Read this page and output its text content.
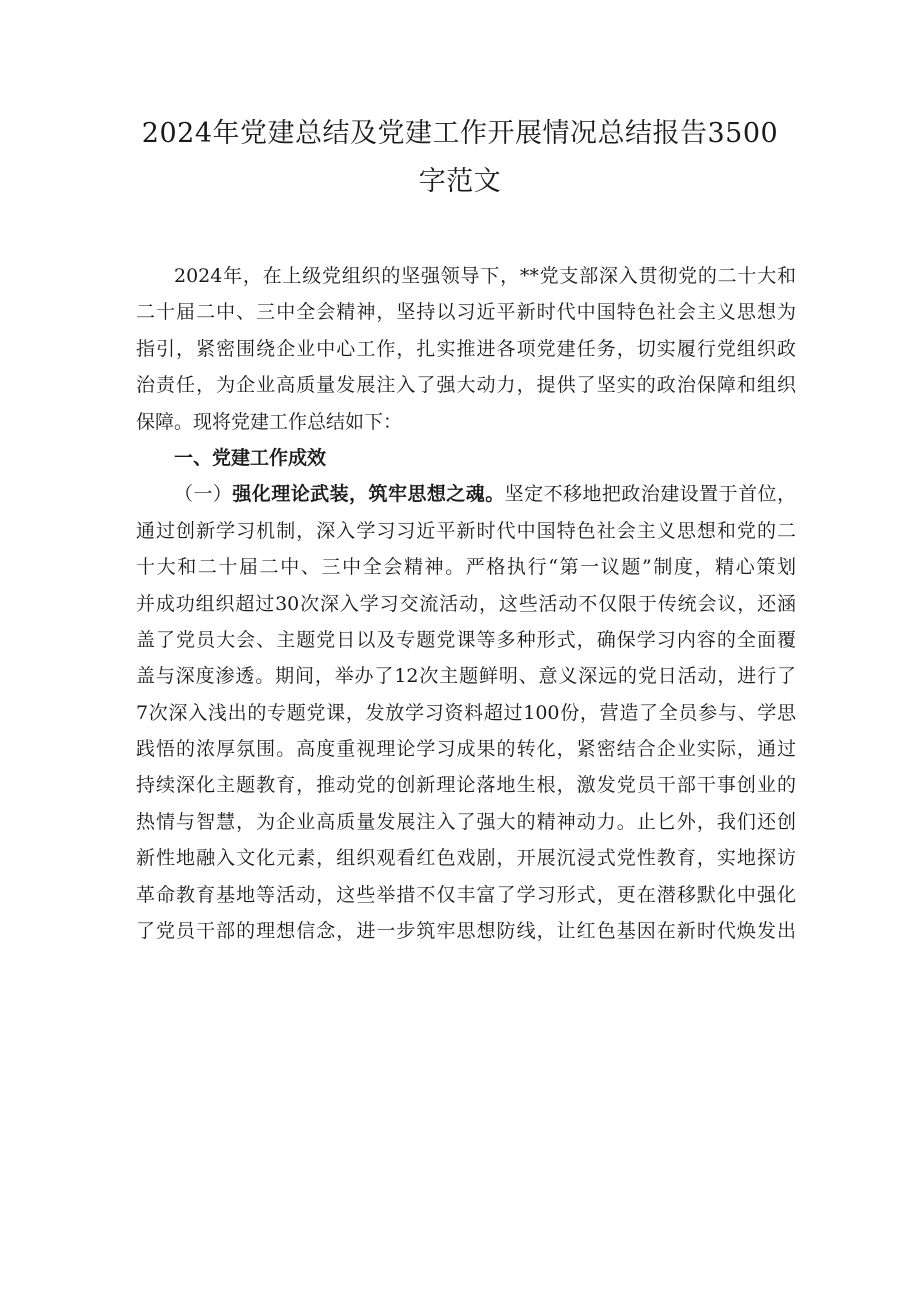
2024年党建总结及党建工作开展情况总结报告3500
字范文
2024年，在上级党组织的坚强领导下，**党支部深入贯彻党的二十大和
二十届二中、三中全会精神，坚持以习近平新时代中国特色社会主义思想为
指引，紧密围绕企业中心工作，扎实推进各项党建任务，切实履行党组织政
治责任，为企业高质量发展注入了强大动力，提供了坚实的政治保障和组织
保障。现将党建工作总结如下：
一、党建工作成效
（一）强化理论武装，筑牢思想之魂。坚定不移地把政治建设置于首位，
通过创新学习机制，深入学习习近平新时代中国特色社会主义思想和党的二
十大和二十届二中、三中全会精神。严格执行“第一议题”制度，精心策划
并成功组织超过30次深入学习交流活动，这些活动不仅限于传统会议，还涵
盖了党员大会、主题党日以及专题党课等多种形式，确保学习内容的全面覆
盖与深度渗透。期间，举办了12次主题鲜明、意义深远的党日活动，进行了
7次深入浅出的专题党课，发放学习资料超过100份，营造了全员参与、学思
践悟的浓厚氛围。高度重视理论学习成果的转化，紧密结合企业实际，通过
持续深化主题教育，推动党的创新理论落地生根，激发党员干部干事创业的
热情与智慧，为企业高质量发展注入了强大的精神动力。止匕外，我们还创
新性地融入文化元素，组织观看红色戏剧，开展沉浸式党性教育，实地探访
革命教育基地等活动，这些举措不仅丰富了学习形式，更在潜移默化中强化
了党员干部的理想信念，进一步筑牢思想防线，让红色基因在新时代焕发出
